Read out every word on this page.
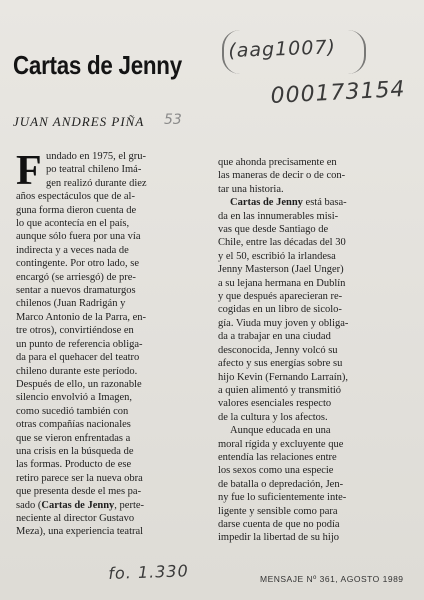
Cartas de Jenny
(aag1007)
000173154

JUAN ANDRES PIÑA 53
F undado en 1975, el gru-
po teatral chileno Imá-
gen realizó durante diez
años espectáculos que de al-
guna forma dieron cuenta de
lo que acontecía en el país,
aunque sólo fuera por una vía
indirecta y a veces nada de
contingente. Por otro lado, se
encargó (se arriesgó) de pre-
sentar a nuevos dramaturgos
chilenos (Juan Radrigán y
Marco Antonio de la Parra, en-
tre otros), convirtiéndose en
un punto de referencia obliga-
da para el quehacer del teatro
chileno durante este período.
Después de ello, un razonable
silencio envolvió a Imagen,
como sucedió también con
otras compañías nacionales
que se vieron enfrentadas a
una crisis en la búsqueda de
las formas. Producto de ese
retiro parece ser la nueva obra
que presenta desde el mes pa-
sado (Cartas de Jenny, perte-
neciente al director Gustavo
Meza), una experiencia teatral
que ahonda precisamente en
las maneras de decir o de con-
tar una historia.
Cartas de Jenny está basa-
da en las innumerables misi-
vas que desde Santiago de
Chile, entre las décadas del 30
y el 50, escribió la irlandesa
Jenny Masterson (Jael Unger)
a su lejana hermana en Dublín
y que después aparecieran re-
cogidas en un libro de sicolo-
gía. Viuda muy joven y obliga-
da a trabajar en una ciudad
desconocida, Jenny volcó su
afecto y sus energías sobre su
hijo Kevin (Fernando Larraín),
a quien alimentó y transmitió
valores esenciales respecto
de la cultura y los afectos.
Aunque educada en una
moral rígida y excluyente que
entendía las relaciones entre
los sexos como una especie
de batalla o depredación, Jen-
ny fue lo suficientemente inte-
ligente y sensible como para
darse cuenta de que no podía
impedir la libertad de su hijo
fo. 1.330	MENSAJE Nº 361, AGOSTO 1989
